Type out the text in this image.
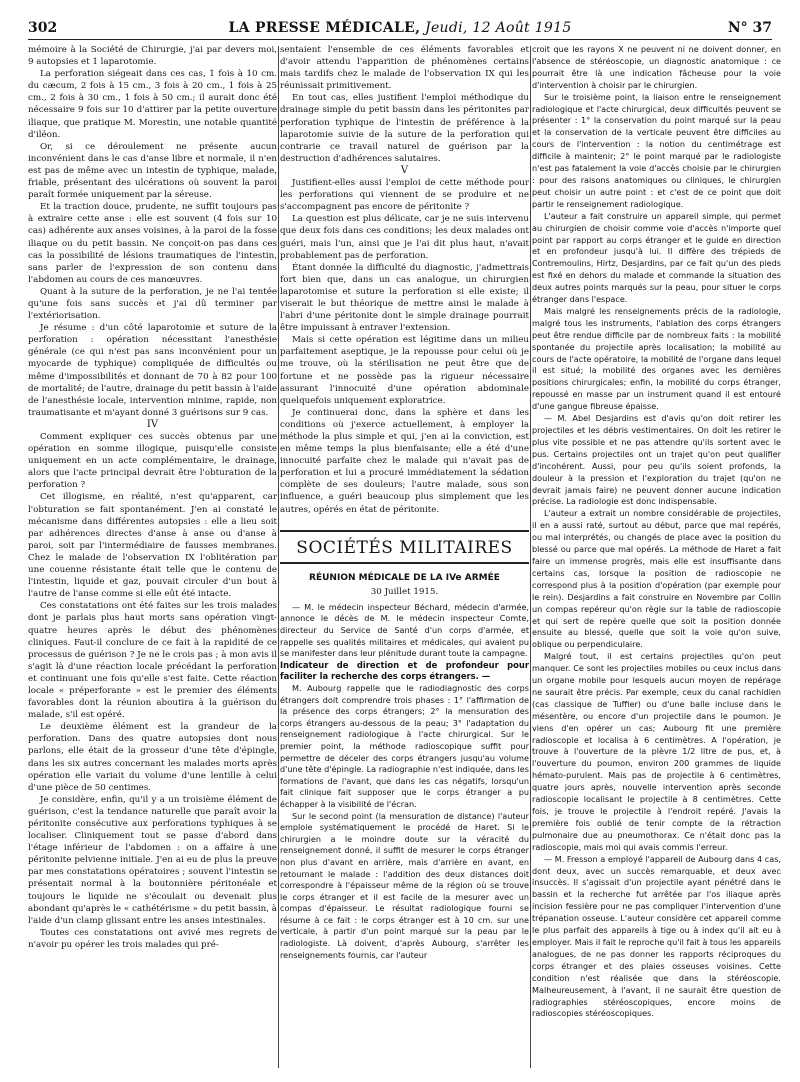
302	LA PRESSE MÉDICALE, Jeudi, 12 Août 1915	N° 37

mémoire à la Société de Chirurgie, j'ai par devers moi, 9 autopsies et 1 laparotomie.

La perforation siégeait dans ces cas, 1 fois à 10 cm. du cæcum, 2 fois à 15 cm., 3 fois à 20 cm., 1 fois à 25 cm., 2 fois à 30 cm., 1 fois à 50 cm.; il aurait donc été nécessaire 9 fois sur 10 d'attirer par la petite ouverture iliaque, que pratique M. Morestin, une notable quantité d'iléon.

Or, si ce déroulement ne présente aucun inconvénient dans le cas d'anse libre et normale, il n'en est pas de même avec un intestin de typhique, malade, friable, présentant des ulcérations où souvent la paroi paraît formée uniquement par la séreuse.

Et la traction douce, prudente, ne suffit toujours pas à extraire cette anse : elle est souvent (4 fois sur 10 cas) adhérente aux anses voisines, à la paroi de la fosse iliaque ou du petit bassin. Ne conçoit-on pas dans ces cas la possibilité de lésions traumatiques de l'intestin, sans parler de l'expression de son contenu dans l'abdomen au cours de ces manœuvres.

Quant à la suture de la perforation, je ne l'ai tentée qu'une fois sans succès et j'ai dû terminer par l'extériorisation.

Je résume : d'un côté laparotomie et suture de la perforation : opération nécessitant l'anesthésie générale (ce qui n'est pas sans inconvénient pour un myocarde de typhique) compliquée de difficultés ou même d'impossibilités et donnant de 70 à 82 pour 100 de mortalité; de l'autre, drainage du petit bassin à l'aide de l'anesthésie locale, intervention minime, rapide, non traumatisante et m'ayant donné 3 guérisons sur 9 cas.

IV

Comment expliquer ces succès obtenus par une opération en somme illogique, puisqu'elle consiste uniquement en un acte complémentaire, le drainage, alors que l'acte principal devrait être l'obturation de la perforation ?

Cet illogisme, en réalité, n'est qu'apparent, car l'obturation se fait spontanément. J'en ai constaté le mécanisme dans différentes autopsies : elle a lieu soit par adhérences directes d'anse à anse ou d'anse à paroi, soit par l'intermédiaire de fausses membranes. Chez le malade de l'observation IX l'oblitération par une couenne résistante était telle que le contenu de l'intestin, liquide et gaz, pouvait circuler d'un bout à l'autre de l'anse comme si elle eût été intacte.

Ces constatations ont été faites sur les trois malades dont je parlais plus haut morts sans opération vingt-quatre heures après le début des phénomènes cliniques. Faut-il conclure de ce fait à la rapidité de ce processus de guérison ? Je ne le crois pas ; à mon avis il s'agit là d'une réaction locale précédant la perforation et continuant une fois qu'elle s'est faite. Cette réaction locale « préperforante » est le premier des éléments favorables dont la réunion aboutira à la guérison du malade, s'il est opéré.

Le deuxième élément est la grandeur de la perforation. Dans des quatre autopsies dont nous parlons, elle était de la grosseur d'une tête d'épingle, dans les six autres concernant les malades morts après opération elle variait du volume d'une lentille à celui d'une pièce de 50 centimes.

Je considère, enfin, qu'il y a un troisième élément de guérison, c'est la tendance naturelle que paraît avoir la péritonite consécutive aux perforations typhiques à se localiser. Cliniquement tout se passe d'abord dans l'étage inférieur de l'abdomen : on a affaire à une péritonite pelvienne initiale. J'en ai eu de plus la preuve par mes constatations opératoires ; souvent l'intestin se présentait normal à la boutonnière péritonéale et toujours le liquide ne s'écoulait ou devenait plus abondant qu'après le « cathétérisme » du petit bassin, à l'aide d'un clamp glissant entre les anses intestinales.

Toutes ces constatations ont avivé mes regrets de n'avoir pu opérer les trois malades qui pré-

sentaient l'ensemble de ces éléments favorables et d'avoir attendu l'apparition de phénomènes certains mais tardifs chez le malade de l'observation IX qui les réunissait primitivement.

En tout cas, elles justifient l'emploi méthodique du drainage simple du petit bassin dans les péritonites par perforation typhique de l'intestin de préférence à la laparotomie suivie de la suture de la perforation qui contrarie ce travail naturel de guérison par la destruction d'adhérences salutaires.

V

Justifient-elles aussi l'emploi de cette méthode pour les perforations qui viennent de se produire et ne s'accompagnent pas encore de péritonite ?

La question est plus délicate, car je ne suis intervenu que deux fois dans ces conditions; les deux malades ont guéri, mais l'un, ainsi que je l'ai dit plus haut, n'avait probablement pas de perforation.

Étant donnée la difficulté du diagnostic, j'admettrais fort bien que, dans un cas analogue, un chirurgien laparotomise et suture la perforation si elle existe; il viserait le but théorique de mettre ainsi le malade à l'abri d'une péritonite dont le simple drainage pourrait être impuissant à entraver l'extension.

Mais si cette opération est légitime dans un milieu parfaitement aseptique, je la repousse pour celui où je me trouve, où la stérilisation ne peut être que de fortune et ne possède pas la rigueur nécessaire assurant l'innocuité d'une opération abdominale quelquefois uniquement exploratrice.

Je continuerai donc, dans la sphère et dans les conditions où j'exerce actuellement, à employer la méthode la plus simple et qui, j'en ai la conviction, est en même temps la plus bienfaisante; elle a été d'une innocuité parfaite chez le malade qui n'avait pas de perforation et lui a procuré immédiatement la sédation complète de ses douleurs; l'autre malade, sous son influence, a guéri beaucoup plus simplement que les autres, opérés en état de péritonite.

SOCIÉTÉS MILITAIRES
RÉUNION MÉDICALE DE LA IVe ARMÉE
30 Juillet 1915.

— M. le médecin inspecteur Béchard, médecin d'armée, annonce le décès de M. le médecin inspecteur Comte, directeur du Service de Santé d'un corps d'armée, et rappelle ses qualités militaires et médicales, qui avaient pu se manifester dans leur plénitude durant toute la campagne.

Indicateur de direction et de profondeur pour faciliter la recherche des corps étrangers. —

M. Aubourg rappelle que le radiodiagnostic des corps étrangers doit comprendre trois phases : 1° l'affirmation de la présence des corps étrangers; 2° la mensuration des corps étrangers au-dessous de la peau; 3° l'adaptation du renseignement radiologique à l'acte chirurgical. Sur le premier point, la méthode radioscopique suffit pour permettre de déceler des corps étrangers jusqu'au volume d'une tête d'épingle. La radiographie n'est indiquée, dans les formations de l'avant, que dans les cas négatifs, lorsqu'un fait clinique fait supposer que le corps étranger a pu échapper à la visibilité de l'écran.

Sur le second point (la mensuration de distance) l'auteur emploie systématiquement le procédé de Haret. Si le chirurgien a le moindre doute sur la véracité du renseignement donné, il suffit de mesurer le corps étranger non plus d'avant en arrière, mais d'arrière en avant, en retournant le malade : l'addition des deux distances doit correspondre à l'épaisseur même de la région où se trouve le corps étranger et il est facile de la mesurer avec un compas d'épaisseur. Le résultat radiologique fourni se résume à ce fait : le corps étranger est à 10 cm. sur une verticale, à partir d'un point marqué sur la peau par le radiologiste. Là doivent, d'après Aubourg, s'arrêter les renseignements fournis, car l'auteur

croit que les rayons X ne peuvent ni ne doivent donner, en l'absence de stéréoscopie, un diagnostic anatomique : ce pourrait être là une indication fâcheuse pour la voie d'intervention à choisir par le chirurgien.

Sur le troisième point, la liaison entre le renseignement radiologique et l'acte chirurgical, deux difficultés peuvent se présenter : 1° la conservation du point marqué sur la peau et la conservation de la verticale peuvent être difficiles au cours de l'intervention : la notion du centimétrage est difficile à maintenir; 2° le point marqué par le radiologiste n'est pas fatalement la voie d'accès choisie par le chirurgien : pour des raisons anatomiques ou cliniques, le chirurgien peut choisir un autre point : et c'est de ce point que doit partir le renseignement radiologique.

L'auteur a fait construire un appareil simple, qui permet au chirurgien de choisir comme voie d'accès n'importe quel point par rapport au corps étranger et le guide en direction et en profondeur jusqu'à lui. Il diffère des trépieds de Contremoulins, Hirtz, Desjardins, par ce fait qu'un des pieds est fixé en dehors du malade et commande la situation des deux autres points marqués sur la peau, pour situer le corps étranger dans l'espace.

Mais malgré les renseignements précis de la radiologie, malgré tous les instruments, l'ablation des corps étrangers peut être rendue difficile par de nombreux faits : la mobilité spontanée du projectile après localisation; la mobilité au cours de l'acte opératoire, la mobilité de l'organe dans lequel il est situé; la mobilité des organes avec les dernières positions chirurgicales; enfin, la mobilité du corps étranger, repoussé en masse par un instrument quand il est entouré d'une gangue fibreuse épaisse.

— M. Abel Desjardins est d'avis qu'on doit retirer les projectiles et les débris vestimentaires. On doit les retirer le plus vite possible et ne pas attendre qu'ils sortent avec le pus. Certains projectiles ont un trajet qu'on peut qualifier d'incohérent. Aussi, pour peu qu'ils soient profonds, la douleur à la pression et l'exploration du trajet (qu'on ne devrait jamais faire) ne peuvent donner aucune indication précise. La radiologie est donc indispensable.

L'auteur a extrait un nombre considérable de projectiles, il en a aussi raté, surtout au début, parce que mal repérés, ou mal interprétés, ou changés de place avec la position du blessé ou parce que mal opérés. La méthode de Haret a fait faire un immense progrès, mais elle est insuffisante dans certains cas, lorsque la position de radioscopie ne correspond plus à la position d'opération (par exemple pour le rein). Desjardins a fait construire en Novembre par Collin un compas repéreur qu'on règle sur la table de radioscopie et qui sert de repère quelle que soit la position donnée ensuite au blessé, quelle que soit la voie qu'on suive, oblique ou perpendiculaire.

Malgré tout, il est certains projectiles qu'on peut manquer. Ce sont les projectiles mobiles ou ceux inclus dans un organe mobile pour lesquels aucun moyen de repérage ne saurait être précis. Par exemple, ceux du canal rachidien (cas classique de Tuffier) ou d'une balle incluse dans le mésentère, ou encore d'un projectile dans le poumon. Je viens d'en opérer un cas; Aubourg fit une première radioscopie et localisa à 6 centimètres. A l'opération, je trouve à l'ouverture de la plèvre 1/2 litre de pus, et, à l'ouverture du poumon, environ 200 grammes de liquide hémato-purulent. Mais pas de projectile à 6 centimètres, quatre jours après, nouvelle intervention après seconde radioscopie localisant le projectile à 8 centimètres. Cette fois, je trouve le projectile à l'endroit repéré. J'avais la première fois oublié de tenir compte de la rétraction pulmonaire due au pneumothorax. Ce n'était donc pas la radioscopie, mais moi qui avais commis l'erreur.

— M. Fresson a employé l'appareil de Aubourg dans 4 cas, dont deux, avec un succès remarquable, et deux avec insuccès. Il s'agissait d'un projectile ayant pénétré dans le bassin et la recherche fut arrêtée par l'os iliaque après incision fessière pour ne pas compliquer l'intervention d'une trépanation osseuse. L'auteur considère cet appareil comme le plus parfait des appareils à tige ou à index qu'il ait eu à employer. Mais il fait le reproche qu'il fait à tous les appareils analogues, de ne pas donner les rapports réciproques du corps étranger et des plaies osseuses voisines. Cette condition n'est réalisée que dans la stéréoscopie. Malheureusement, à l'avant, il ne saurait être question de radiographies stéréoscopiques, encore moins de radioscopies stéréoscopiques.
